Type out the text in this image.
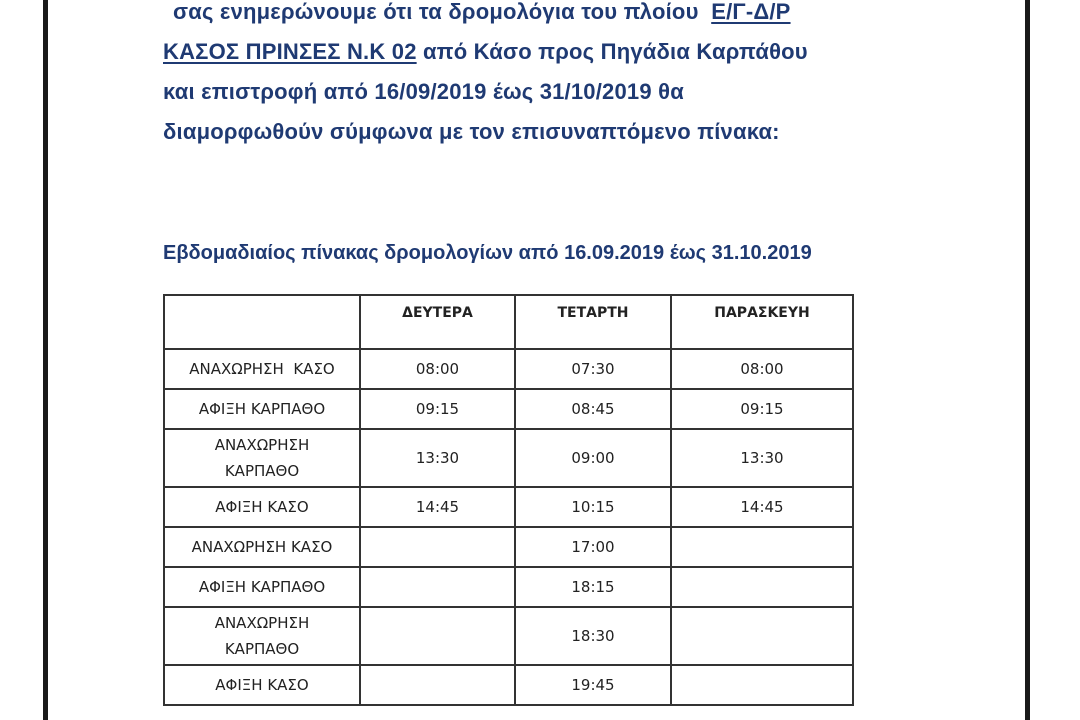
σας ενημερώνουμε ότι τα δρομολόγια του πλοίου Ε/Γ-Δ/Ρ
ΚΑΣΟΣ ΠΡΙΝΣΕΣ Ν.Κ 02 από Κάσο προς Πηγάδια Καρπάθου
και επιστροφή από 16/09/2019 έως 31/10/2019 θα
διαμορφωθούν σύμφωνα με τον επισυναπτόμενο πίνακα:
Εβδομαδιαίος πίνακας δρομολογίων από 16.09.2019 έως 31.10.2019
	ΔΕΥΤΕΡΑ	ΤΕΤΑΡΤΗ	ΠΑΡΑΣΚΕΥΗ
ΑΝΑΧΩΡΗΣΗ  ΚΑΣΟ	08:00	07:30	08:00
ΑΦΙΞΗ ΚΑΡΠΑΘΟ	09:15	08:45	09:15
ΑΝΑΧΩΡΗΣΗ ΚΑΡΠΑΘΟ	13:30	09:00	13:30
ΑΦΙΞΗ ΚΑΣΟ	14:45	10:15	14:45
ΑΝΑΧΩΡΗΣΗ ΚΑΣΟ		17:00	
ΑΦΙΞΗ ΚΑΡΠΑΘΟ		18:15	
ΑΝΑΧΩΡΗΣΗ ΚΑΡΠΑΘΟ		18:30	
ΑΦΙΞΗ ΚΑΣΟ		19:45	
